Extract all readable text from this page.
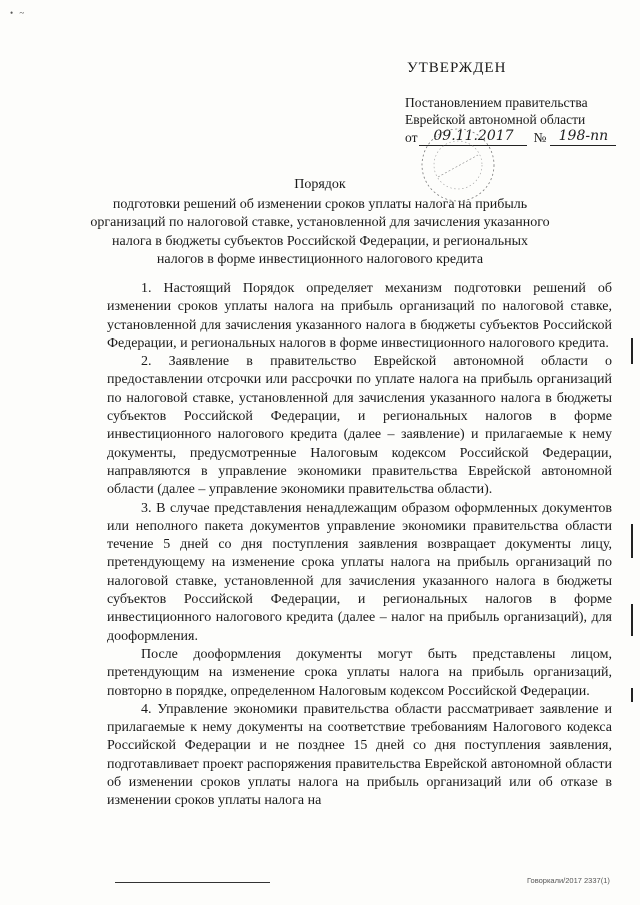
• ~
УТВЕРЖДЕН
Постановлением правительства
Еврейской автономной области
от	09.11.2017	№ 198-пп
Порядок
подготовки решений об изменении сроков уплаты налога на прибыль
организаций по налоговой ставке, установленной для зачисления указанного
налога в бюджеты субъектов Российской Федерации, и региональных
налогов в форме инвестиционного налогового кредита

1. Настоящий Порядок определяет механизм подготовки решений об изменении сроков уплаты налога на прибыль организаций по налоговой ставке, установленной для зачисления указанного налога в бюджеты субъектов Российской Федерации, и региональных налогов в форме инвестиционного налогового кредита.

2. Заявление в правительство Еврейской автономной области о предоставлении отсрочки или рассрочки по уплате налога на прибыль организаций по налоговой ставке, установленной для зачисления указанного налога в бюджеты субъектов Российской Федерации, и региональных налогов в форме инвестиционного налогового кредита (далее – заявление) и прилагаемые к нему документы, предусмотренные Налоговым кодексом Российской Федерации, направляются в управление экономики правительства Еврейской автономной области (далее – управление экономики правительства области).

3. В случае представления ненадлежащим образом оформленных документов или неполного пакета документов управление экономики правительства области течение 5 дней со дня поступления заявления возвращает документы лицу, претендующему на изменение срока уплаты налога на прибыль организаций по налоговой ставке, установленной для зачисления указанного налога в бюджеты субъектов Российской Федерации, и региональных налогов в форме инвестиционного налогового кредита (далее – налог на прибыль организаций), для дооформления.

После дооформления документы могут быть представлены лицом, претендующим на изменение срока уплаты налога на прибыль организаций, повторно в порядке, определенном Налоговым кодексом Российской Федерации.

4. Управление экономики правительства области рассматривает заявление и прилагаемые к нему документы на соответствие требованиям Налогового кодекса Российской Федерации и не позднее 15 дней со дня поступления заявления, подготавливает проект распоряжения правительства Еврейской автономной области об изменении сроков уплаты налога на прибыль организаций или об отказе в изменении сроков уплаты налога на

Говоркали/2017 2337(1)
